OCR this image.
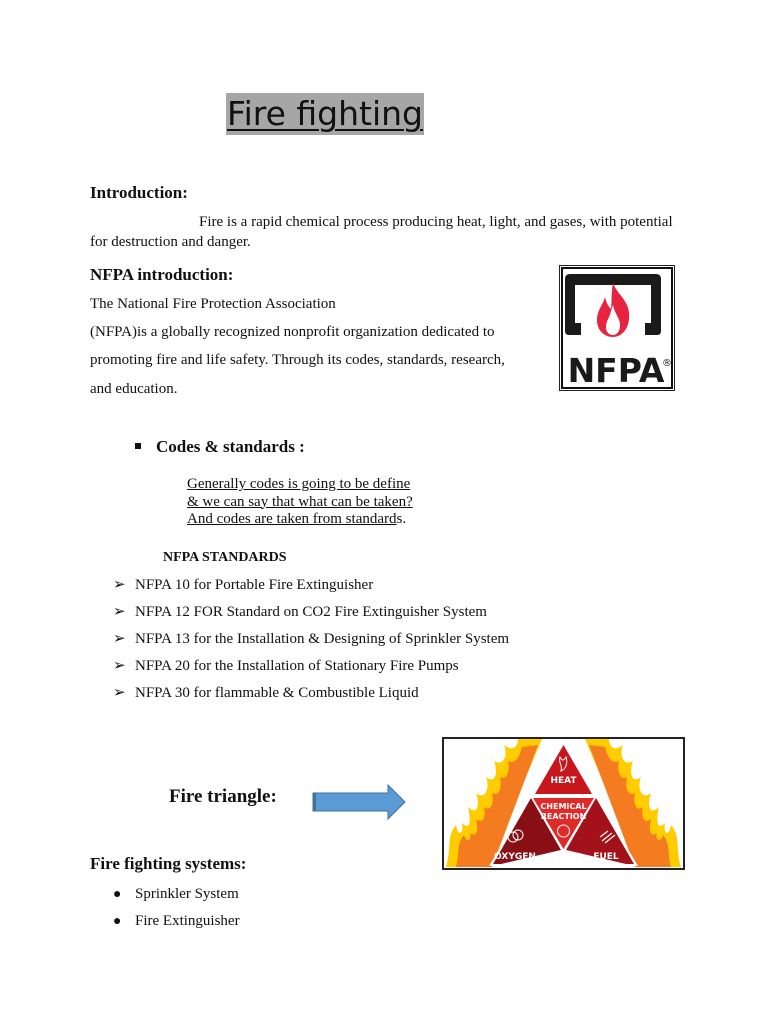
Fire fighting
Introduction:
Fire is a rapid chemical process producing heat, light, and gases, with potential
for destruction and danger.
NFPA introduction:
The National Fire Protection Association
(NFPA)is a globally recognized nonprofit organization dedicated to
promoting fire and life safety. Through its codes, standards, research,
and education.	NFPA
®
Codes & standards :
Generally codes is going to be define
& we can say that what can be taken?
And codes are taken from standards.
NFPA STANDARDS
➢ NFPA 10 for Portable Fire Extinguisher
➢ NFPA 12 FOR Standard on CO2 Fire Extinguisher System
➢ NFPA 13 for the Installation & Designing of Sprinkler System
➢ NFPA 20 for the Installation of Stationary Fire Pumps
➢ NFPA 30 for flammable & Combustible Liquid
Fire triangle:
HEAT
CHEMICAL
REACTION
OXYGEN	FUEL
Fire fighting systems:
● Sprinkler System
● Fire Extinguisher
